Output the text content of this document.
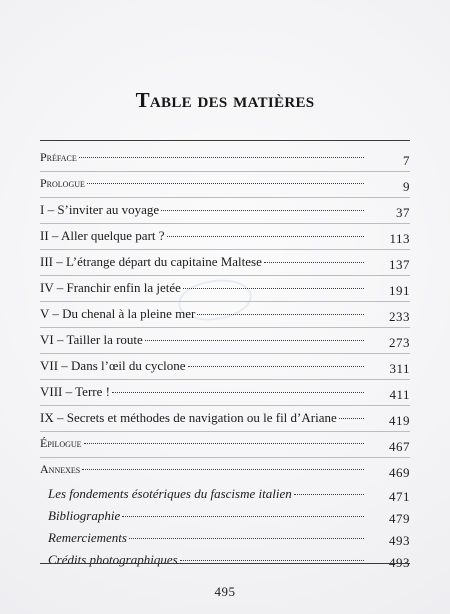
Table des matières
Préface	7
Prologue	9
I – S’inviter au voyage	37
II – Aller quelque part ?	113
III – L’étrange départ du capitaine Maltese	137
IV – Franchir enfin la jetée	191
V – Du chenal à la pleine mer	233
VI – Tailler la route	273
VII – Dans l’œil du cyclone	311
VIII – Terre !	411
IX – Secrets et méthodes de navigation ou le fil d’Ariane	419
Épilogue	467
Annexes	469
Les fondements ésotériques du fascisme italien	471
Bibliographie	479
Remerciements	493
Crédits photographiques	493
495
